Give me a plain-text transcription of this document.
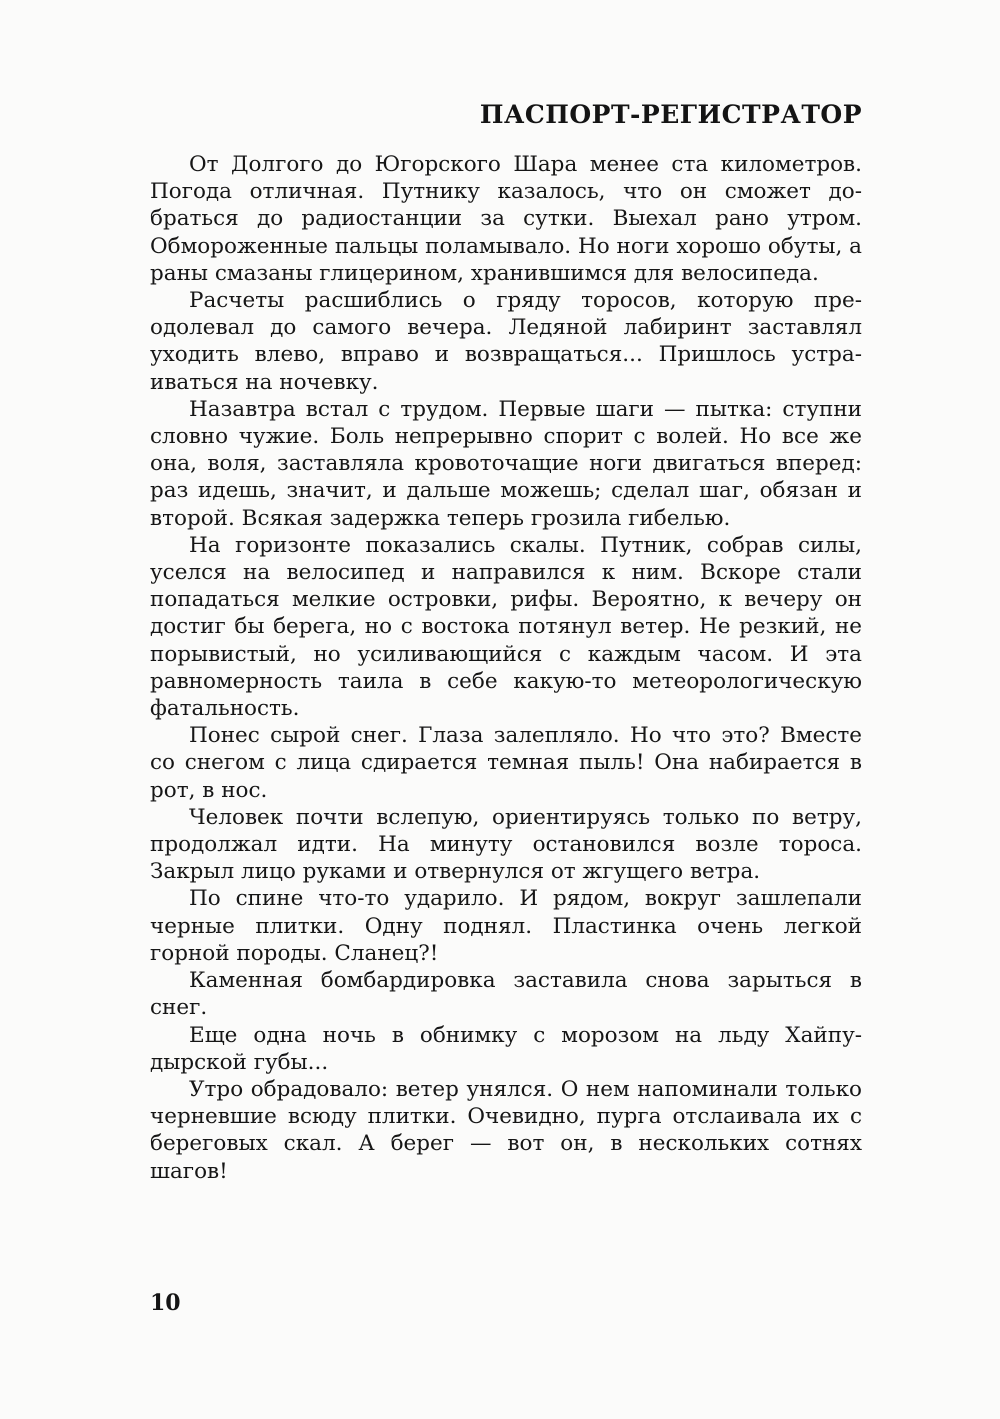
ПАСПОРТ-РЕГИСТРАТОР

От Долгого до Югорского Шара менее ста километров. Погода отличная. Путнику казалось, что он сможет добраться до радиостанции за сутки. Выехал рано утром. Обмороженные пальцы поламывало. Но ноги хорошо обуты, а раны смазаны глицерином, хранившимся для велосипеда.

Расчеты расшиблись о гряду торосов, которую преодолевал до самого вечера. Ледяной лабиринт заставлял уходить влево, вправо и возвращаться... Пришлось устраиваться на ночевку.

Назавтра встал с трудом. Первые шаги — пытка: ступни словно чужие. Боль непрерывно спорит с волей. Но все же она, воля, заставляла кровоточащие ноги двигаться вперед: раз идешь, значит, и дальше можешь; сделал шаг, обязан и второй. Всякая задержка теперь грозила гибелью.

На горизонте показались скалы. Путник, собрав силы, уселся на велосипед и направился к ним. Вскоре стали попадаться мелкие островки, рифы. Вероятно, к вечеру он достиг бы берега, но с востока потянул ветер. Не резкий, не порывистый, но усиливающийся с каждым часом. И эта равномерность таила в себе какую-то метеорологическую фатальность.

Понес сырой снег. Глаза залепляло. Но что это? Вместе со снегом с лица сдирается темная пыль! Она набирается в рот, в нос.

Человек почти вслепую, ориентируясь только по ветру, продолжал идти. На минуту остановился возле тороса. Закрыл лицо руками и отвернулся от жгущего ветра.

По спине что-то ударило. И рядом, вокруг зашлепали черные плитки. Одну поднял. Пластинка очень легкой горной породы. Сланец?!

Каменная бомбардировка заставила снова зарыться в снег.

Еще одна ночь в обнимку с морозом на льду Хайпудырской губы...

Утро обрадовало: ветер унялся. О нем напоминали только черневшие всюду плитки. Очевидно, пурга отслаивала их с береговых скал. А берег — вот он, в нескольких сотнях шагов!

10
